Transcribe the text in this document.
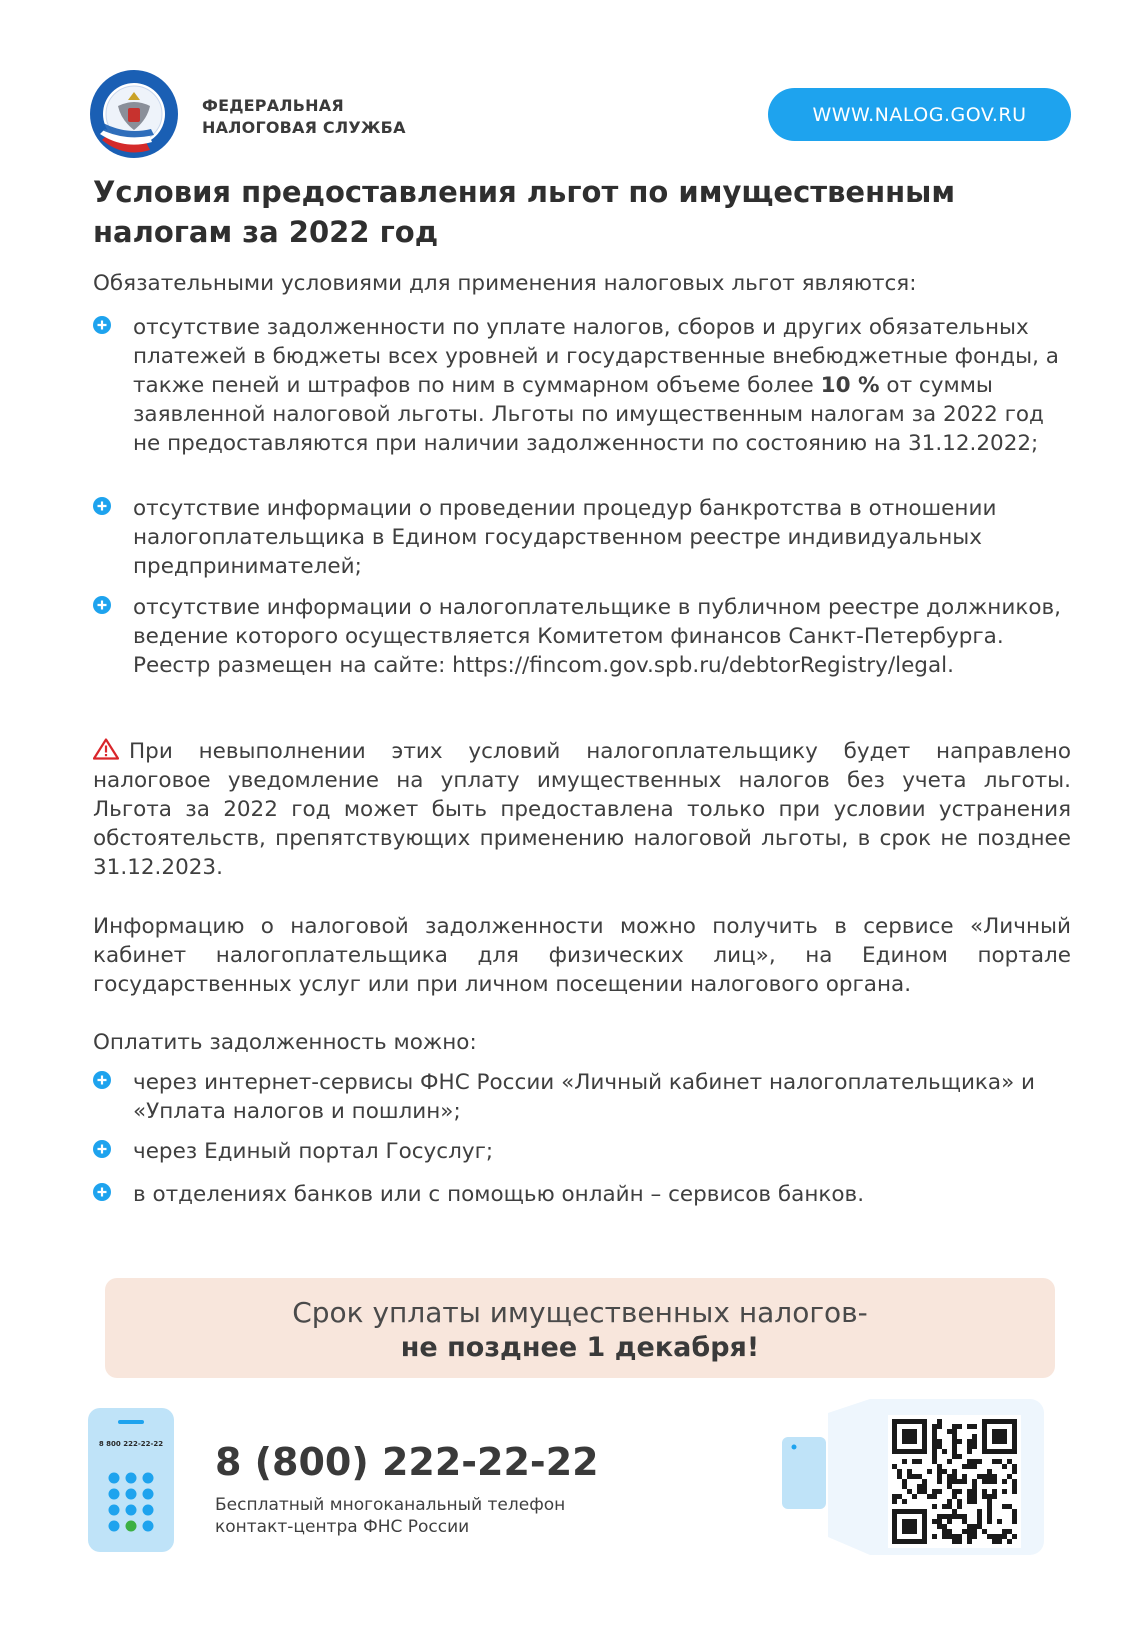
ФЕДЕРАЛЬНАЯ
НАЛОГОВАЯ СЛУЖБА
WWW.NALOG.GOV.RU
Условия предоставления льгот по имущественным налогам за 2022 год
Обязательными условиями для применения налоговых льгот являются:
отсутствие задолженности по уплате налогов, сборов и других обязательных платежей в бюджеты всех уровней и государственные внебюджетные фонды, а также пеней и штрафов по ним в суммарном объеме более 10 % от суммы заявленной налоговой льготы. Льготы по имущественным налогам за 2022 год не предоставляются при наличии задолженности по состоянию на 31.12.2022;
отсутствие информации о проведении процедур банкротства в отношении налогоплательщика в Едином государственном реестре индивидуальных предпринимателей;
отсутствие информации о налогоплательщике в публичном реестре должников, ведение которого осуществляется Комитетом финансов Санкт-Петербурга. Реестр размещен на сайте: https://fincom.gov.spb.ru/debtorRegistry/legal.
При невыполнении этих условий налогоплательщику будет направлено налоговое уведомление на уплату имущественных налогов без учета льготы. Льгота за 2022 год может быть предоставлена только при условии устранения обстоятельств, препятствующих применению налоговой льготы, в срок не позднее 31.12.2023.
Информацию о налоговой задолженности можно получить в сервисе «Личный кабинет налогоплательщика для физических лиц», на Едином портале государственных услуг или при личном посещении налогового органа.
Оплатить задолженность можно:
через интернет-сервисы ФНС России «Личный кабинет налогоплательщика» и «Уплата налогов и пошлин»;
через Единый портал Госуслуг;
в отделениях банков или с помощью онлайн – сервисов банков.
Срок уплаты имущественных налогов-
не позднее 1 декабря!
8 800 222-22-22 8 (800) 222-22-22
Бесплатный многоканальный телефон
контакт-центра ФНС России
